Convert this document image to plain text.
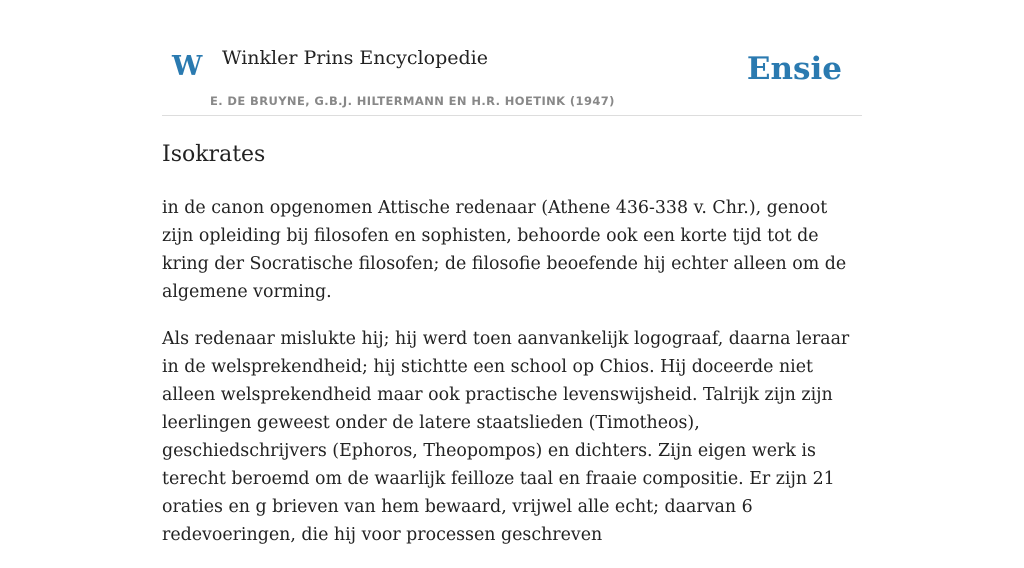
W Winkler Prins Encyclopedie
E. DE BRUYNE, G.B.J. HILTERMANN EN H.R. HOETINK (1947)
Ensie
Isokrates

in de canon opgenomen Attische redenaar (Athene 436-338 v. Chr.), genoot zijn opleiding bij filosofen en sophisten, behoorde ook een korte tijd tot de kring der Socratische filosofen; de filosofie beoefende hij echter alleen om de algemene vorming.

Als redenaar mislukte hij; hij werd toen aanvankelijk logograaf, daarna leraar in de welsprekendheid; hij stichtte een school op Chios. Hij doceerde niet alleen welsprekendheid maar ook practische levenswijsheid. Talrijk zijn zijn leerlingen geweest onder de latere staatslieden (Timotheos), geschiedschrijvers (Ephoros, Theopompos) en dichters. Zijn eigen werk is terecht beroemd om de waarlijk feilloze taal en fraaie compositie. Er zijn 21 oraties en g brieven van hem bewaard, vrijwel alle echt; daarvan 6 redevoeringen, die hij voor processen geschreven
